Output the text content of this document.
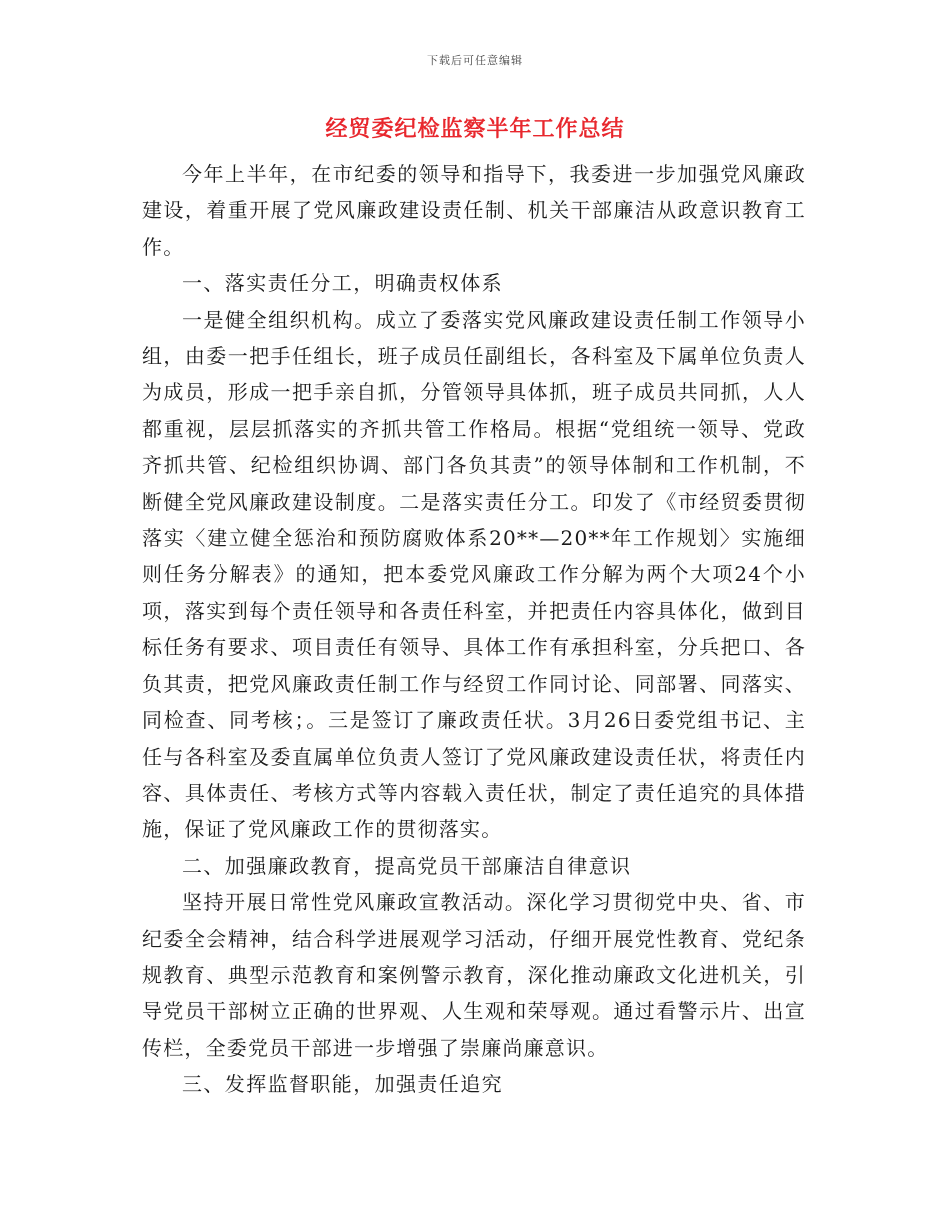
下载后可任意编辑
经贸委纪检监察半年工作总结

今年上半年，在市纪委的领导和指导下，我委进一步加强党风廉政建设，着重开展了党风廉政建设责任制、机关干部廉洁从政意识教育工作。

一、落实责任分工，明确责权体系

一是健全组织机构。成立了委落实党风廉政建设责任制工作领导小组，由委一把手任组长，班子成员任副组长，各科室及下属单位负责人为成员，形成一把手亲自抓，分管领导具体抓，班子成员共同抓，人人都重视，层层抓落实的齐抓共管工作格局。根据“党组统一领导、党政齐抓共管、纪检组织协调、部门各负其责”的领导体制和工作机制，不断健全党风廉政建设制度。二是落实责任分工。印发了《市经贸委贯彻落实〈建立健全惩治和预防腐败体系20**—20**年工作规划〉实施细则任务分解表》的通知，把本委党风廉政工作分解为两个大项24个小项，落实到每个责任领导和各责任科室，并把责任内容具体化，做到目标任务有要求、项目责任有领导、具体工作有承担科室，分兵把口、各负其责，把党风廉政责任制工作与经贸工作同讨论、同部署、同落实、同检查、同考核；。三是签订了廉政责任状。3月26日委党组书记、主任与各科室及委直属单位负责人签订了党风廉政建设责任状，将责任内容、具体责任、考核方式等内容载入责任状，制定了责任追究的具体措施，保证了党风廉政工作的贯彻落实。

二、加强廉政教育，提高党员干部廉洁自律意识

坚持开展日常性党风廉政宣教活动。深化学习贯彻党中央、省、市纪委全会精神，结合科学进展观学习活动，仔细开展党性教育、党纪条规教育、典型示范教育和案例警示教育，深化推动廉政文化进机关，引导党员干部树立正确的世界观、人生观和荣辱观。通过看警示片、出宣传栏，全委党员干部进一步增强了崇廉尚廉意识。

三、发挥监督职能，加强责任追究
